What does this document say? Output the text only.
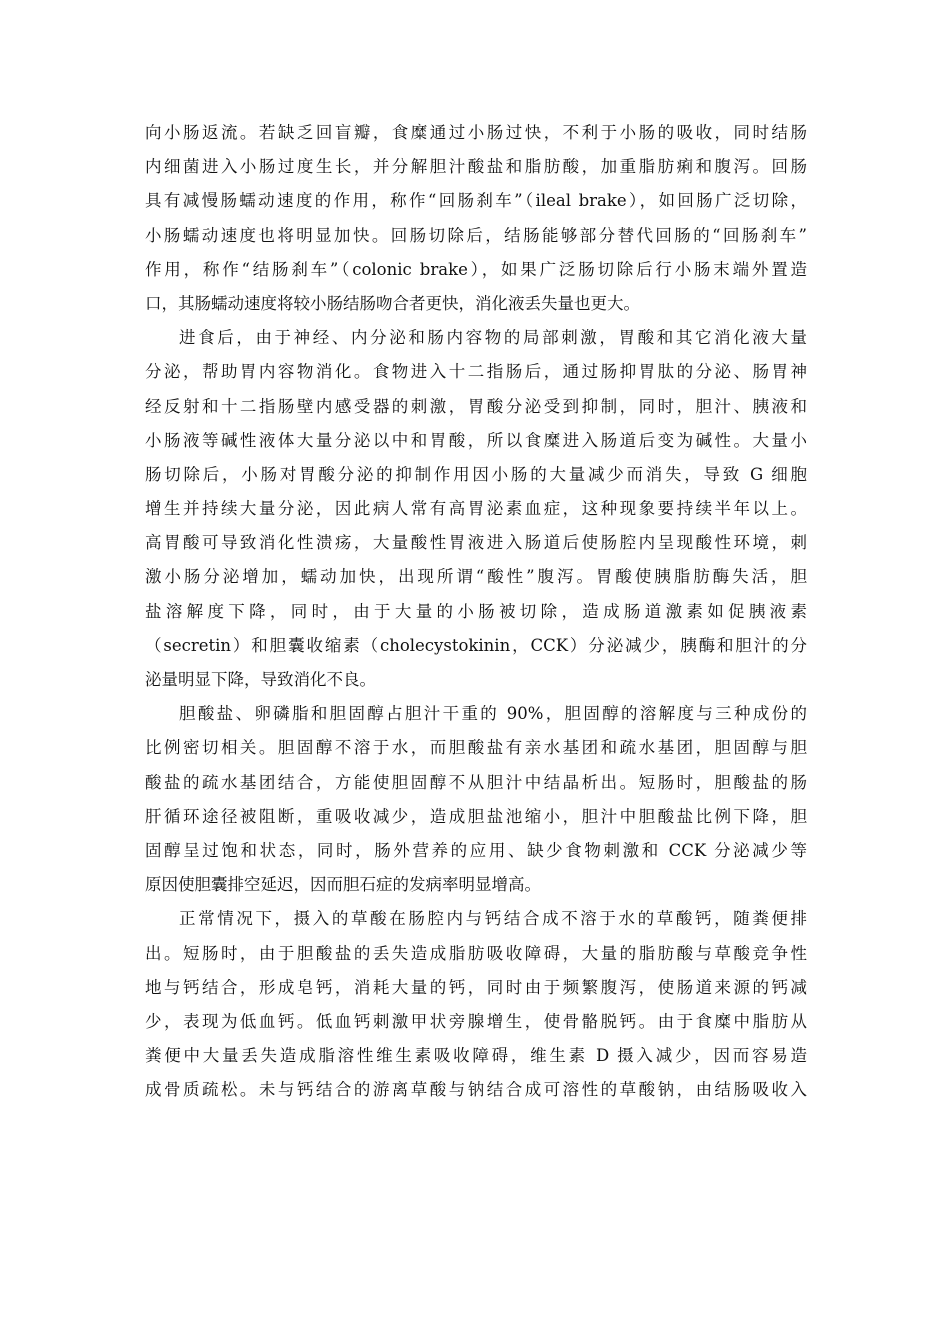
向小肠返流。若缺乏回盲瓣，食糜通过小肠过快，不利于小肠的吸收，同时结肠
内细菌进入小肠过度生长，并分解胆汁酸盐和脂肪酸，加重脂肪痢和腹泻。回肠
具有减慢肠蠕动速度的作用，称作“回肠刹车”（ileal brake），如回肠广泛切除，
小肠蠕动速度也将明显加快。回肠切除后，结肠能够部分替代回肠的“回肠刹车”
作用，称作“结肠刹车”（colonic brake），如果广泛肠切除后行小肠末端外置造
口，其肠蠕动速度将较小肠结肠吻合者更快，消化液丢失量也更大。
进食后，由于神经、内分泌和肠内容物的局部刺激，胃酸和其它消化液大量
分泌，帮助胃内容物消化。食物进入十二指肠后，通过肠抑胃肽的分泌、肠胃神
经反射和十二指肠壁内感受器的刺激，胃酸分泌受到抑制，同时，胆汁、胰液和
小肠液等碱性液体大量分泌以中和胃酸，所以食糜进入肠道后变为碱性。大量小
肠切除后，小肠对胃酸分泌的抑制作用因小肠的大量减少而消失，导致 G 细胞
增生并持续大量分泌，因此病人常有高胃泌素血症，这种现象要持续半年以上。
高胃酸可导致消化性溃疡，大量酸性胃液进入肠道后使肠腔内呈现酸性环境，刺
激小肠分泌增加，蠕动加快，出现所谓“酸性”腹泻。胃酸使胰脂肪酶失活，胆
盐溶解度下降，同时，由于大量的小肠被切除，造成肠道激素如促胰液素
（secretin）和胆囊收缩素（cholecystokinin，CCK）分泌减少，胰酶和胆汁的分
泌量明显下降，导致消化不良。
胆酸盐、卵磷脂和胆固醇占胆汁干重的 90%，胆固醇的溶解度与三种成份的
比例密切相关。胆固醇不溶于水，而胆酸盐有亲水基团和疏水基团，胆固醇与胆
酸盐的疏水基团结合，方能使胆固醇不从胆汁中结晶析出。短肠时，胆酸盐的肠
肝循环途径被阻断，重吸收减少，造成胆盐池缩小，胆汁中胆酸盐比例下降，胆
固醇呈过饱和状态，同时，肠外营养的应用、缺少食物刺激和 CCK 分泌减少等
原因使胆囊排空延迟，因而胆石症的发病率明显增高。
正常情况下，摄入的草酸在肠腔内与钙结合成不溶于水的草酸钙，随粪便排
出。短肠时，由于胆酸盐的丢失造成脂肪吸收障碍，大量的脂肪酸与草酸竞争性
地与钙结合，形成皂钙，消耗大量的钙，同时由于频繁腹泻，使肠道来源的钙减
少，表现为低血钙。低血钙刺激甲状旁腺增生，使骨骼脱钙。由于食糜中脂肪从
粪便中大量丢失造成脂溶性维生素吸收障碍，维生素 D 摄入减少，因而容易造
成骨质疏松。未与钙结合的游离草酸与钠结合成可溶性的草酸钠，由结肠吸收入
